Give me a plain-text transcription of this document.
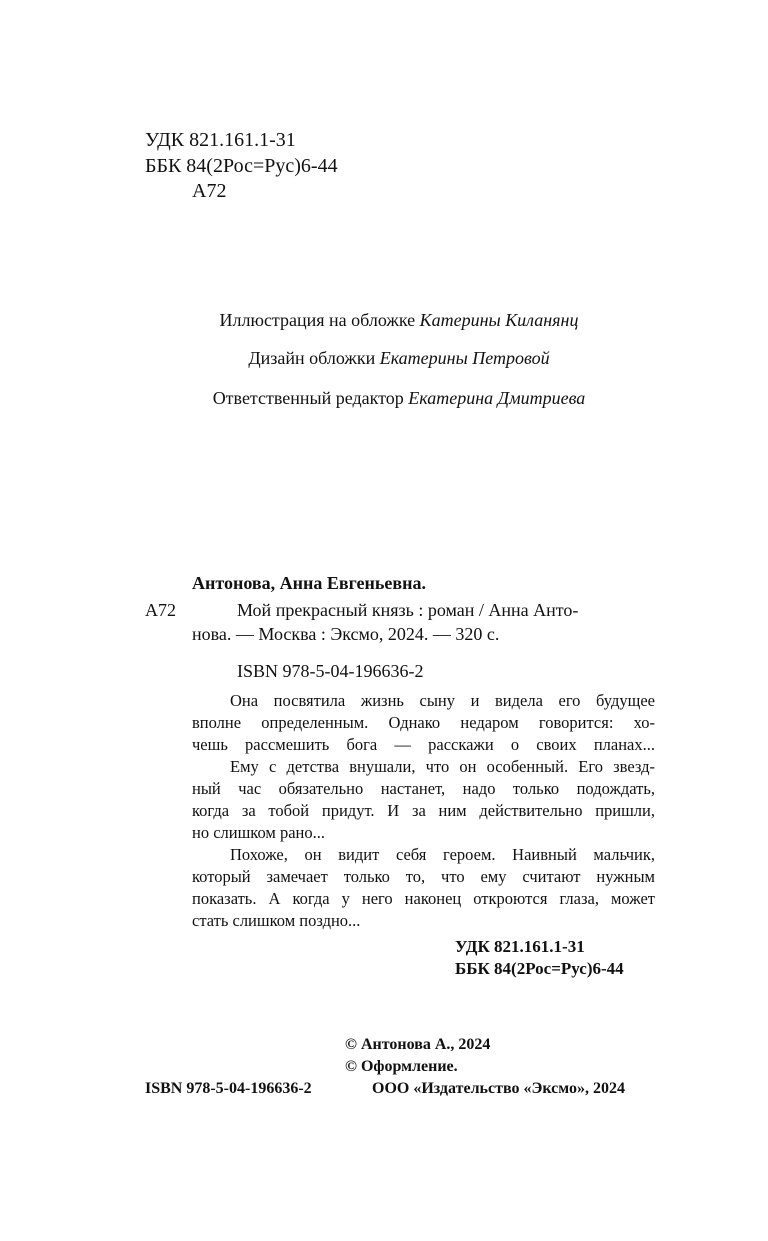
УДК 821.161.1-31
ББК 84(2Рос=Рус)6-44
А72
Иллюстрация на обложке Катерины Киланянц
Дизайн обложки Екатерины Петровой
Ответственный редактор Екатерина Дмитриева
Антонова, Анна Евгеньевна.
А72	Мой прекрасный князь : роман / Анна Анто-
нова. — Москва : Эксмо, 2024. — 320 с.
ISBN 978-5-04-196636-2
Она посвятила жизнь сыну и видела его будущее
вполне определенным. Однако недаром говорится: хо-
чешь рассмешить бога — расскажи о своих планах...
Ему с детства внушали, что он особенный. Его звезд-
ный час обязательно настанет, надо только подождать,
когда за тобой придут. И за ним действительно пришли,
но слишком рано...
Похоже, он видит себя героем. Наивный мальчик,
который замечает только то, что ему считают нужным
показать. А когда у него наконец откроются глаза, может
стать слишком поздно...
УДК 821.161.1-31
ББК 84(2Рос=Рус)6-44
© Антонова А., 2024
© Оформление.
ООО «Издательство «Эксмо», 2024
ISBN 978-5-04-196636-2
